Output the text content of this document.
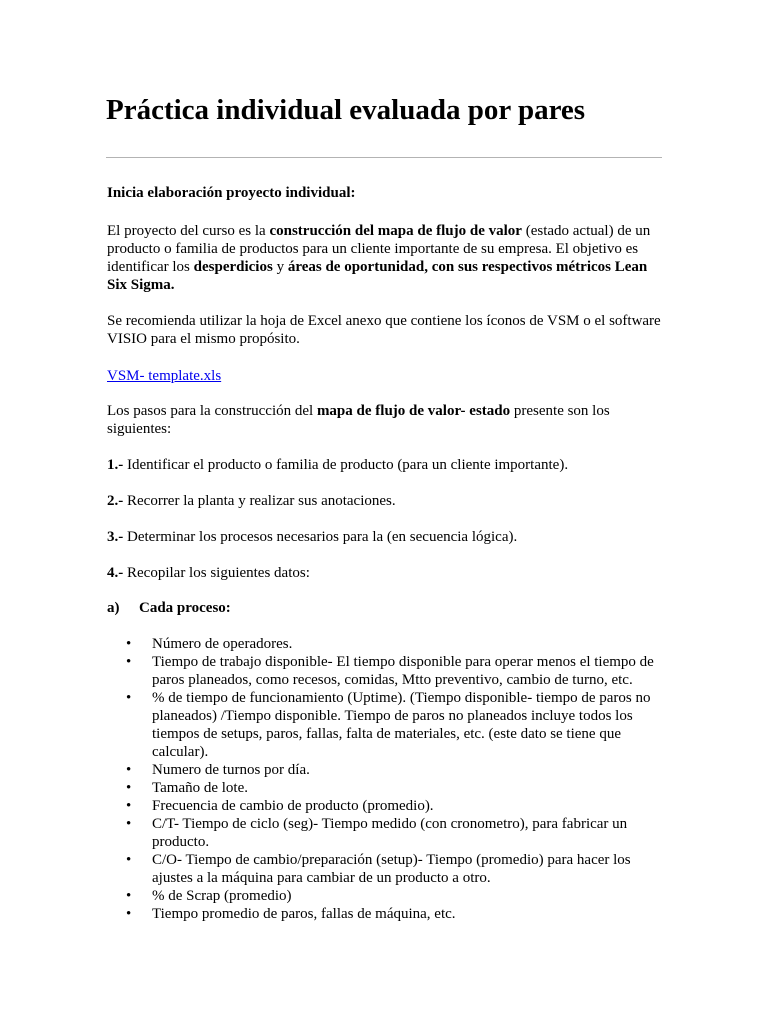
Práctica individual evaluada por pares

Inicia elaboración proyecto individual:

El proyecto del curso es la construcción del mapa de flujo de valor (estado actual) de un producto o familia de productos para un cliente importante de su empresa. El objetivo es identificar los desperdicios y áreas de oportunidad, con sus respectivos métricos Lean Six Sigma.

Se recomienda utilizar la hoja de Excel anexo que contiene los íconos de VSM o el software VISIO para el mismo propósito.

VSM- template.xls

Los pasos para la construcción del mapa de flujo de valor- estado presente son los siguientes:

1.- Identificar el producto o familia de producto (para un cliente importante).

2.- Recorrer la planta y realizar sus anotaciones.

3.- Determinar los procesos necesarios para la (en secuencia lógica).

4.- Recopilar los siguientes datos:

a) Cada proceso:
• Número de operadores.
• Tiempo de trabajo disponible- El tiempo disponible para operar menos el tiempo de paros planeados, como recesos, comidas, Mtto preventivo, cambio de turno, etc.
• % de tiempo de funcionamiento (Uptime). (Tiempo disponible- tiempo de paros no planeados) /Tiempo disponible. Tiempo de paros no planeados incluye todos los tiempos de setups, paros, fallas, falta de materiales, etc. (este dato se tiene que calcular).
• Numero de turnos por día.
• Tamaño de lote.
• Frecuencia de cambio de producto (promedio).
• C/T- Tiempo de ciclo (seg)- Tiempo medido (con cronometro), para fabricar un producto.
• C/O- Tiempo de cambio/preparación (setup)- Tiempo (promedio) para hacer los ajustes a la máquina para cambiar de un producto a otro.
• % de Scrap (promedio)
• Tiempo promedio de paros, fallas de máquina, etc.
